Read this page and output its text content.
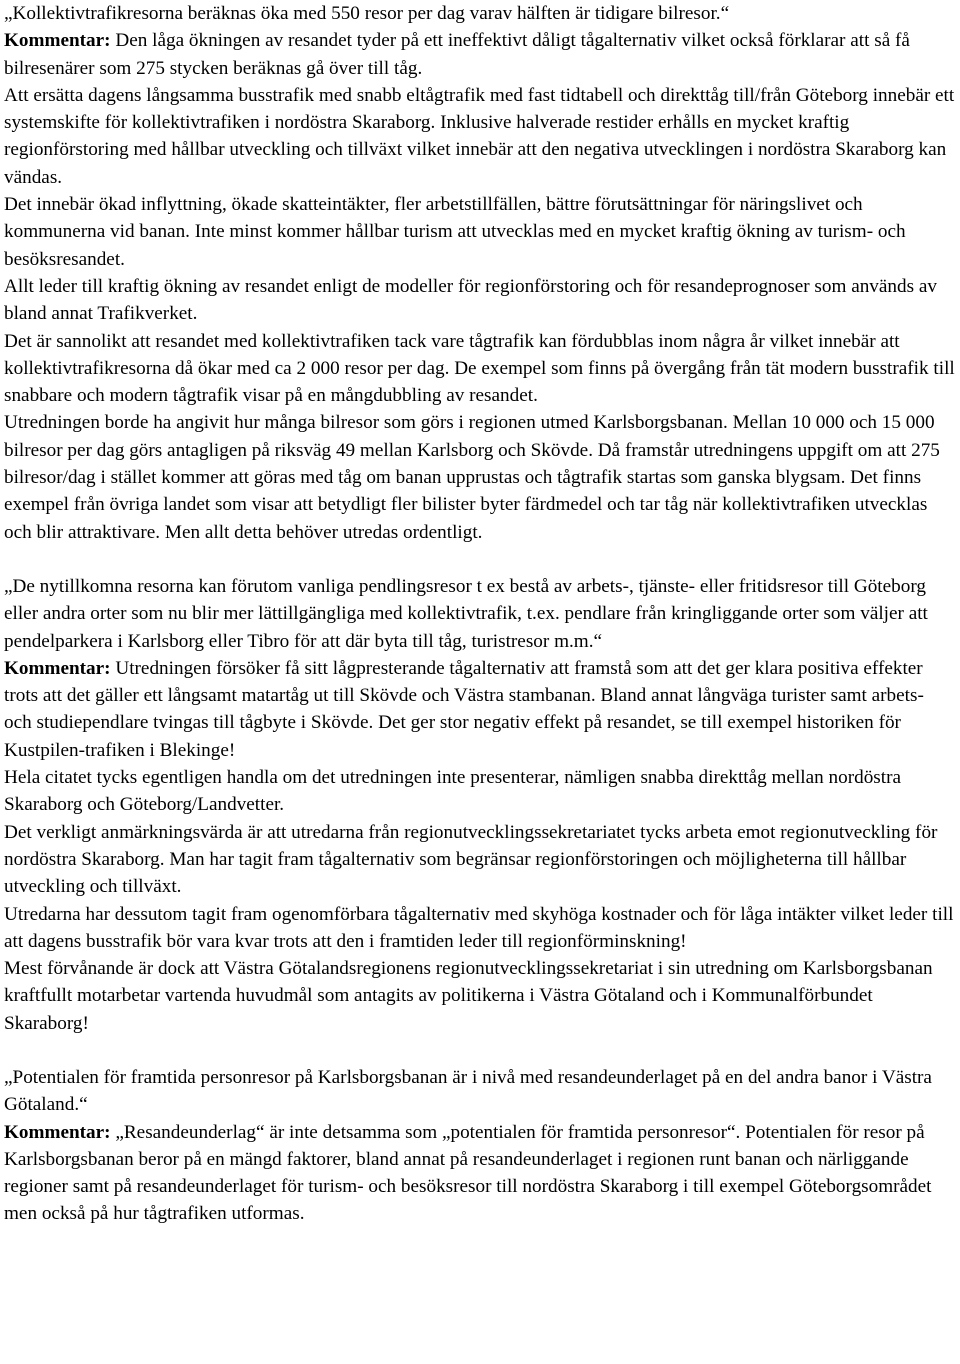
„Kollektivtrafikresorna beräknas öka med 550 resor per dag varav hälften är tidigare bilresor.“

Kommentar: Den låga ökningen av resandet tyder på ett ineffektivt dåligt tågalternativ vilket också förklarar att så få bilresenärer som 275 stycken beräknas gå över till tåg.

Att ersätta dagens långsamma busstrafik med snabb eltågtrafik med fast tidtabell och direkttåg till/från Göteborg innebär ett systemskifte för kollektivtrafiken i nordöstra Skaraborg. Inklusive halverade restider erhålls en mycket kraftig regionförstoring med hållbar utveckling och tillväxt vilket innebär att den negativa utvecklingen i nordöstra Skaraborg kan vändas.

Det innebär ökad inflyttning, ökade skatteintäkter, fler arbetstillfällen, bättre förutsättningar för näringslivet och kommunerna vid banan. Inte minst kommer hållbar turism att utvecklas med en mycket kraftig ökning av turism- och besöksresandet.

Allt leder till kraftig ökning av resandet enligt de modeller för regionförstoring och för resandeprognoser som används av bland annat Trafikverket.

Det är sannolikt att resandet med kollektivtrafiken tack vare tågtrafik kan fördubblas inom några år vilket innebär att kollektivtrafikresorna då ökar med ca 2 000 resor per dag. De exempel som finns på övergång från tät modern busstrafik till snabbare och modern tågtrafik visar på en mångdubbling av resandet.

Utredningen borde ha angivit hur många bilresor som görs i regionen utmed Karlsborgsbanan. Mellan 10 000 och 15 000 bilresor per dag görs antagligen på riksväg 49 mellan Karlsborg och Skövde. Då framstår utredningens uppgift om att 275 bilresor/dag i stället kommer att göras med tåg om banan upprustas och tågtrafik startas som ganska blygsam. Det finns exempel från övriga landet som visar att betydligt fler bilister byter färdmedel och tar tåg när kollektivtrafiken utvecklas och blir attraktivare. Men allt detta behöver utredas ordentligt.

„De nytillkomna resorna kan förutom vanliga pendlingsresor t ex bestå av arbets-, tjänste- eller fritidsresor till Göteborg eller andra orter som nu blir mer lättillgängliga med kollektivtrafik, t.ex. pendlare från kringliggande orter som väljer att pendelparkera i Karlsborg eller Tibro för att där byta till tåg, turistresor m.m.“

Kommentar: Utredningen försöker få sitt lågpresterande tågalternativ att framstå som att det ger klara positiva effekter trots att det gäller ett långsamt matartåg ut till Skövde och Västra stambanan. Bland annat långväga turister samt arbets- och studiependlare tvingas till tågbyte i Skövde. Det ger stor negativ effekt på resandet, se till exempel historiken för Kustpilen-trafiken i Blekinge!

Hela citatet tycks egentligen handla om det utredningen inte presenterar, nämligen snabba direkttåg mellan nordöstra Skaraborg och Göteborg/Landvetter.

Det verkligt anmärkningsvärda är att utredarna från regionutvecklingssekretariatet tycks arbeta emot regionutveckling för nordöstra Skaraborg. Man har tagit fram tågalternativ som begränsar regionförstoringen och möjligheterna till hållbar utveckling och tillväxt.

Utredarna har dessutom tagit fram ogenomförbara tågalternativ med skyhöga kostnader och för låga intäkter vilket leder till att dagens busstrafik bör vara kvar trots att den i framtiden leder till regionförminskning!

Mest förvånande är dock att Västra Götalandsregionens regionutvecklingssekretariat i sin utredning om Karlsborgsbanan kraftfullt motarbetar vartenda huvudmål som antagits av politikerna i Västra Götaland och i Kommunalförbundet Skaraborg!

„Potentialen för framtida personresor på Karlsborgsbanan är i nivå med resandeunderlaget på en del andra banor i Västra Götaland.“

Kommentar: „Resandeunderlag“ är inte detsamma som „potentialen för framtida personresor“. Potentialen för resor på Karlsborgsbanan beror på en mängd faktorer, bland annat på resandeunderlaget i regionen runt banan och närliggande regioner samt på resandeunderlaget för turism- och besöksresor till nordöstra Skaraborg i till exempel Göteborgsområdet men också på hur tågtrafiken utformas.
